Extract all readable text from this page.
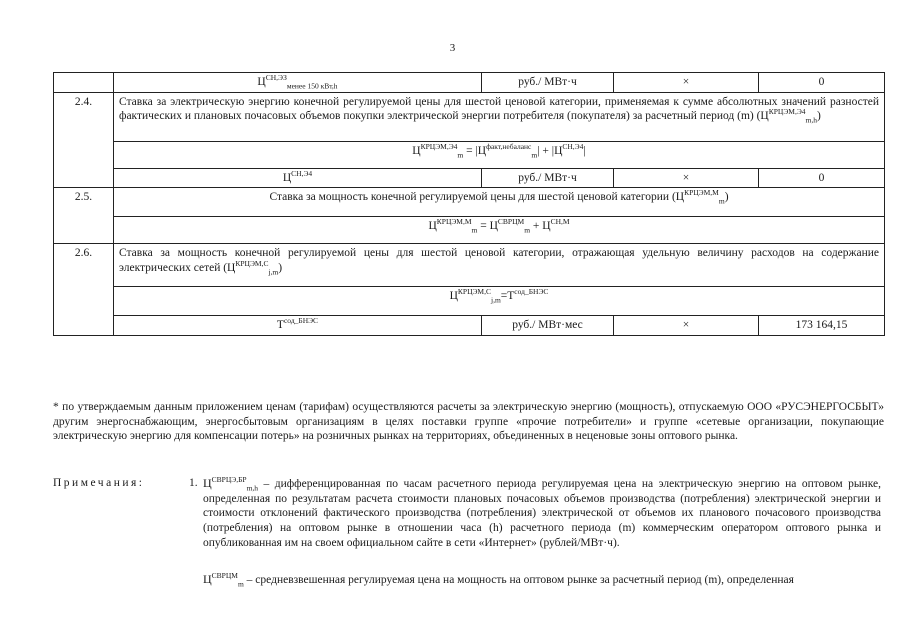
3
	$Ц^{СН,ЭЗ}_{менее 150 кВт,h}$	руб./ МВт·ч	×	0
2.4.	Ставка за электрическую энергию конечной регулируемой цены для шестой ценовой категории, применяемая к сумме абсолютных значений разностей фактических и плановых почасовых объемов покупки электрической энергии потребителя (покупателя) за расчетный период (m) $(Ц^{КРЦЭМ,Э4}_{m,h})$			
	$Ц^{КРЦЭМ,Э4}_m = |Ц^{факт,небаланс}_m| + |Ц^{СН,Э4}|$			
	$Ц^{СН,Э4}$	руб./ МВт·ч	×	0
2.5.	Ставка за мощность конечной регулируемой цены для шестой ценовой категории $(Ц^{КРЦЭМ,М}_m)$			
	$Ц^{КРЦЭМ,М}_m = Ц^{СВРЦМ}_m + Ц^{СН,М}$
2.6.	Ставка за мощность конечной регулируемой цены для шестой ценовой категории, отражающая удельную величину расходов на содержание электрических сетей $(Ц^{КРЦЭМ,С}_{j,m})$			
	$Ц^{КРЦЭМ,С}_{j,m}=Т^{сод\_БНЭС}$
	$Т^{сод\_БНЭС}$	руб./ МВт·мес	×	173 164,15
* по утверждаемым данным приложением ценам (тарифам) осуществляются расчеты за электрическую энергию (мощность), отпускаемую ООО «РУСЭНЕРГОСБЫТ» другим энергоснабжающим, энергосбытовым организациям в целях поставки группе «прочие потребители» и группе «сетевые организации, покупающие электрическую энергию для компенсации потерь» на розничных рынках на территориях, объединенных в неценовые зоны оптового рынка.
Примечания:	1. $Ц^{СВРЦЭ,БР}_{m,h}$ – дифференцированная по часам расчетного периода регулируемая цена на электрическую энергию на оптовом рынке, определенная по результатам расчета стоимости плановых почасовых объемов производства (потребления) электрической энергии и стоимости отклонений фактического производства (потребления) электрической от объемов их планового почасового производства (потребления) на оптовом рынке в отношении часа (h) расчетного периода (m) коммерческим оператором оптового рынка и опубликованная им на своем официальном сайте в сети «Интернет» (рублей/МВт·ч).
$Ц^{СВРЦМ}_m$ – средневзвешенная регулируемая цена на мощность на оптовом рынке за расчетный период (m), определенная
